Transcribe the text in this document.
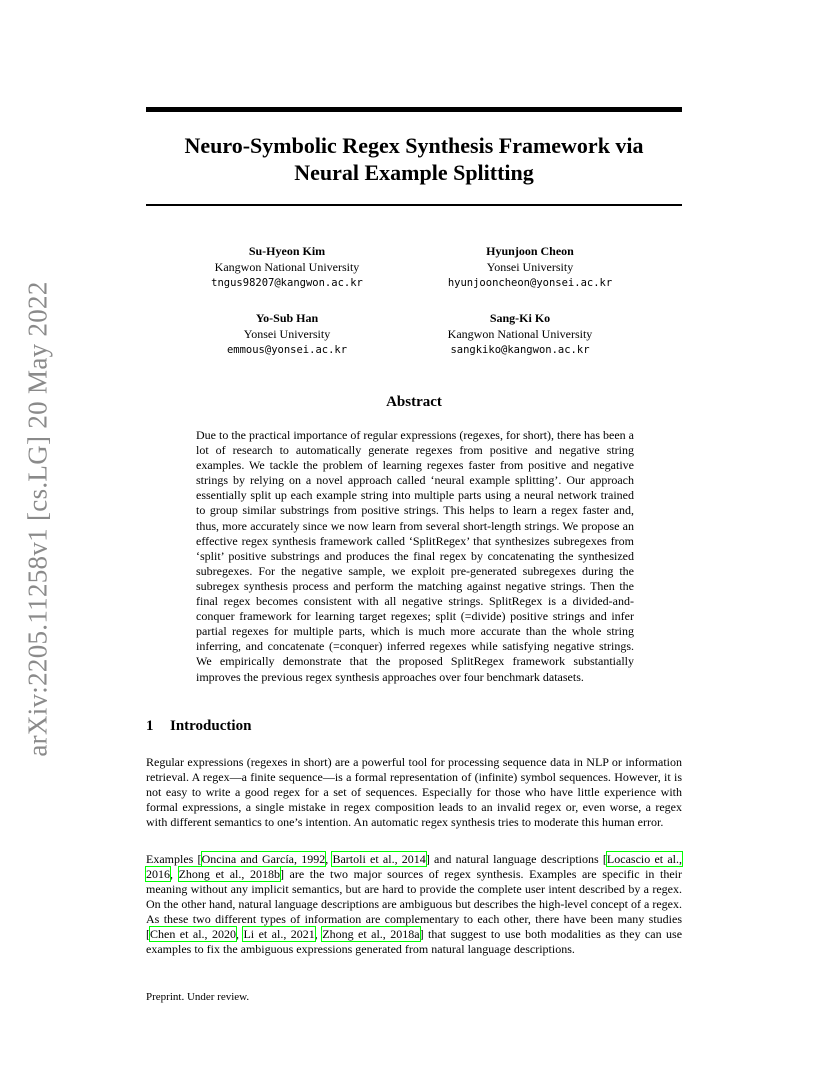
arXiv:2205.11258v1 [cs.LG] 20 May 2022
Neuro-Symbolic Regex Synthesis Framework via
Neural Example Splitting
Su-Hyeon Kim
Kangwon National University
tngus98207@kangwon.ac.kr
Hyunjoon Cheon
Yonsei University
hyunjooncheon@yonsei.ac.kr
Yo-Sub Han
Yonsei University
emmous@yonsei.ac.kr
Sang-Ki Ko
Kangwon National University
sangkiko@kangwon.ac.kr
Abstract

Due to the practical importance of regular expressions (regexes, for short), there has been a lot of research to automatically generate regexes from positive and negative string examples. We tackle the problem of learning regexes faster from positive and negative strings by relying on a novel approach called ‘neural example splitting’. Our approach essentially split up each example string into multiple parts using a neural network trained to group similar substrings from positive strings. This helps to learn a regex faster and, thus, more accurately since we now learn from several short-length strings. We propose an effective regex synthesis framework called ‘SplitRegex’ that synthesizes subregexes from ‘split’ positive substrings and produces the final regex by concatenating the synthesized subregexes. For the negative sample, we exploit pre-generated subregexes during the subregex synthesis process and perform the matching against negative strings. Then the final regex becomes consistent with all negative strings. SplitRegex is a divided-and-conquer framework for learning target regexes; split (=divide) positive strings and infer partial regexes for multiple parts, which is much more accurate than the whole string inferring, and concatenate (=conquer) inferred regexes while satisfying negative strings. We empirically demonstrate that the proposed SplitRegex framework substantially improves the previous regex synthesis approaches over four benchmark datasets.

1 Introduction

Regular expressions (regexes in short) are a powerful tool for processing sequence data in NLP or information retrieval. A regex—a finite sequence—is a formal representation of (infinite) symbol sequences. However, it is not easy to write a good regex for a set of sequences. Especially for those who have little experience with formal expressions, a single mistake in regex composition leads to an invalid regex or, even worse, a regex with different semantics to one’s intention. An automatic regex synthesis tries to moderate this human error.

Examples [Oncina and García, 1992, Bartoli et al., 2014] and natural language descriptions [Locascio et al., 2016, Zhong et al., 2018b] are the two major sources of regex synthesis. Examples are specific in their meaning without any implicit semantics, but are hard to provide the complete user intent described by a regex. On the other hand, natural language descriptions are ambiguous but describes the high-level concept of a regex. As these two different types of information are complementary to each other, there have been many studies [Chen et al., 2020, Li et al., 2021, Zhong et al., 2018a] that suggest to use both modalities as they can use examples to fix the ambiguous expressions generated from natural language descriptions.

Preprint. Under review.
